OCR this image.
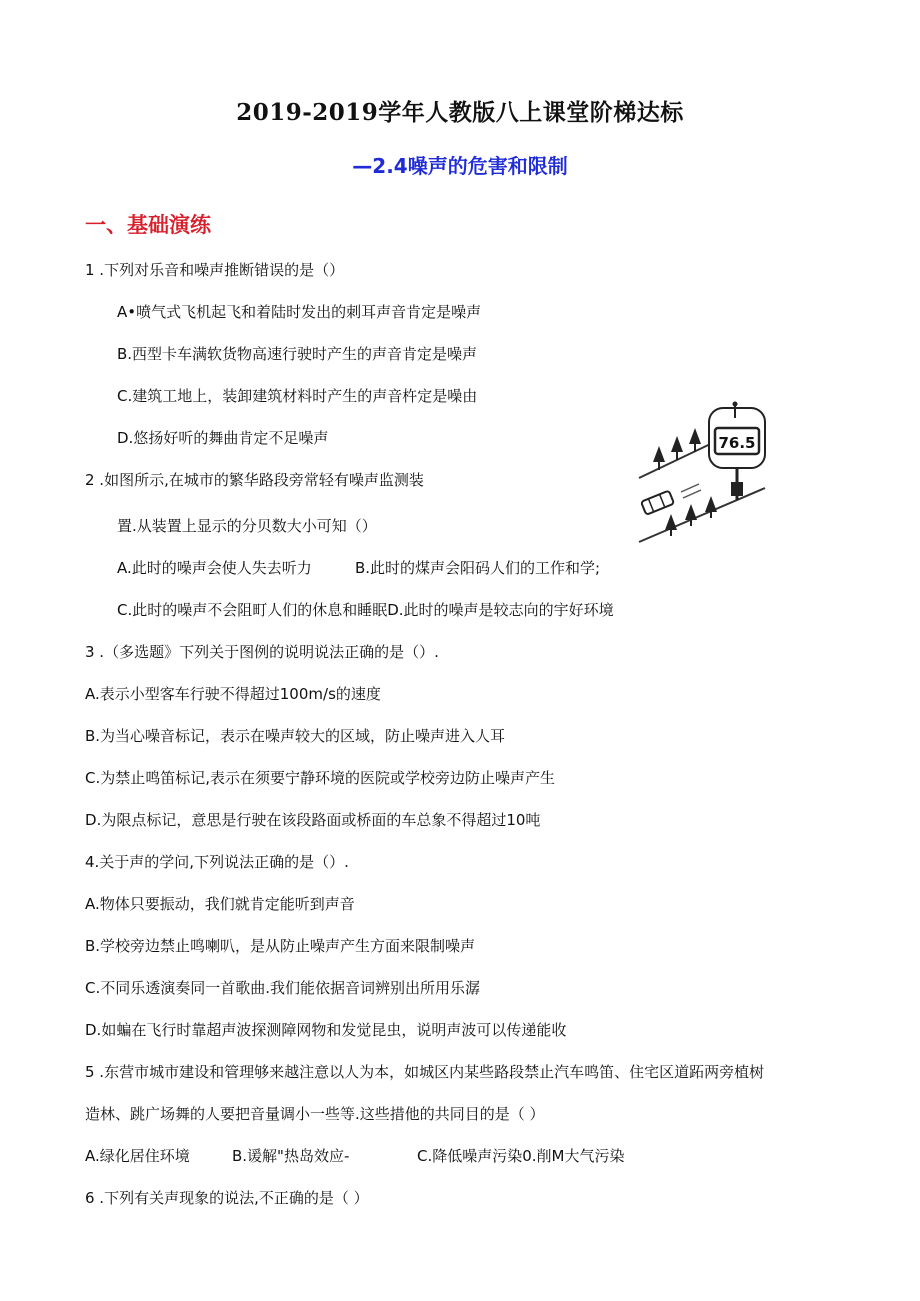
2019-2019学年人教版八上课堂阶梯达标
—2.4噪声的危害和限制
一、基础演练
1 .下列对乐音和噪声推断错误的是（）
A•喷气式飞机起飞和着陆时发出的刺耳声音肯定是噪声
B.西型卡车满软货物高速行驶时产生的声音肯定是噪声
C.建筑工地上，装卸建筑材料时产生的声音杵定是噪由
D.悠扬好听的舞曲肯定不足噪声
2 .如图所示,在城市的繁华路段旁常轻有噪声监测装
置.从装置上显示的分贝数大小可知（）
A.此时的噪声会使人失去听力	B.此时的煤声会阳码人们的工作和学;
C.此时的噪声不会阻町人们的休息和睡眠D.此时的噪声是较志向的宇好环境
76.5
3 .（多选题》下列关于图例的说明说法正确的是（）.
A.表示小型客车行驶不得超过100m/s的速度
B.为当心噪音标记，表示在噪声较大的区域，防止噪声进入人耳
C.为禁止鸣笛标记,表示在须要宁静环境的医院或学校旁边防止噪声产生
D.为限点标记，意思是行驶在该段路面或桥面的车总象不得超过10吨
4.关于声的学问,下列说法正确的是（）.
A.物体只要振动，我们就肯定能听到声音
B.学校旁边禁止鸣喇叭，是从防止噪声产生方面来限制噪声
C.不同乐透演奏同一首歌曲.我们能依据音词辨别出所用乐潺
D.如蝙在飞行时靠超声波探测障网物和发觉昆虫，说明声波可以传递能收
5 .东营市城市建设和管理够来越注意以人为本，如城区内某些路段禁止汽车鸣笛、住宅区道跖两旁植树
造林、跳广场舞的人要把音量调小一些等.这些措他的共同目的是（ ）
A.绿化居住环境	B.谖解"热岛效应-	C.降低噪声污染0.削M大气污染
6 .下列有关声现象的说法,不正确的是（ ）
